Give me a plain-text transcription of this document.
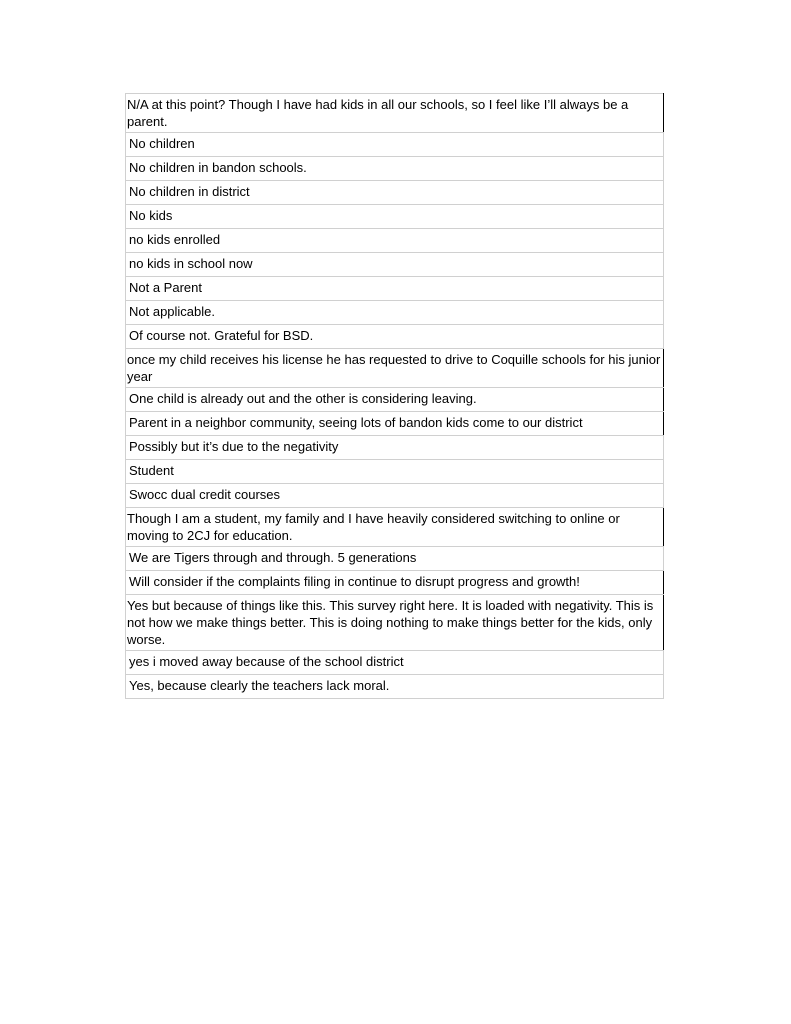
N/A at this point? Though I have had kids in all our schools, so I feel like I’ll always be a parent.
No children
No children in bandon schools.
No children in district
No kids
no kids enrolled
no kids in school now
Not a Parent
Not applicable.
Of course not. Grateful for BSD.
once my child receives his license he has requested to drive to Coquille schools for his junior year
One child is already out and the other is considering leaving.
Parent in a neighbor community, seeing lots of bandon kids come to our district
Possibly but it’s due to the negativity
Student
Swocc dual credit courses
Though I am a student, my family and I have heavily considered switching to online or moving to 2CJ for education.
We are Tigers through and through. 5 generations
Will consider if the complaints filing in continue to disrupt progress and growth!
Yes but because of things like this. This survey right here. It is loaded with negativity. This is not how we make things better. This is doing nothing to make things better for the kids, only worse.
yes i moved away because of the school district
Yes, because clearly the teachers lack moral.
